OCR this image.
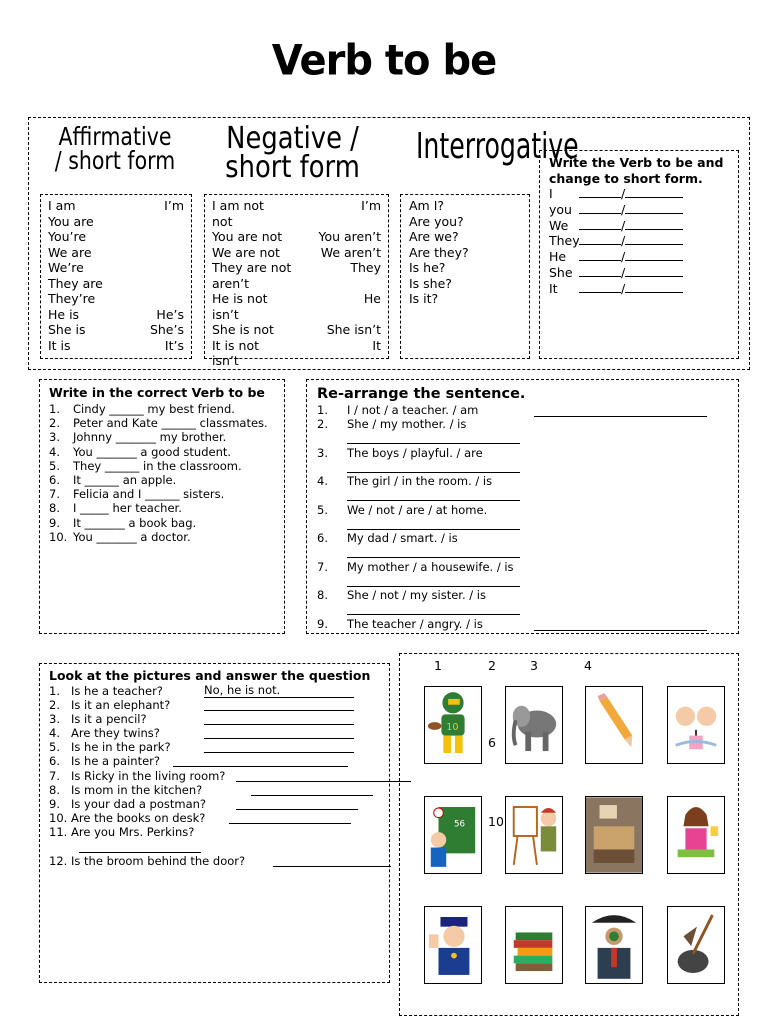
Verb to be
Affirmative / short form
Negative / short form Interrogative
I am	I’m
You are
You’re
We are
We’re
They are
They’re
He is	He’s
She is	She’s
It is	It’s
I am not	I’m
not
You are not	You aren’t
We are not	We aren’t
They are not	They
aren’t
He is not	He
isn’t
She is not	She isn’t
It is not	It
isn’t
Am I?
Are you?
Are we?
Are they?
Is he?
Is she?
Is it?
Write the Verb to be and change to short form.
I	/
you	/
We	/
They	/
He	/
She	/
It	/
Write in the correct Verb to be
1.	Cindy ______ my best friend.
2.	Peter and Kate ______ classmates.
3.	Johnny _______ my brother.
4.	You _______ a good student.
5.	They ______ in the classroom.
6.	It ______ an apple.
7.	Felicia and I ______ sisters.
8.	I _____ her teacher.
9.	It _______ a book bag.
10. You _______ a doctor.
Re-arrange the sentence.
1.	I / not / a teacher. / am
2.	She / my mother. / is
3.	The boys / playful. / are
4.	The girl / in the room. / is
5.	We / not / are / at home.
6.	My dad / smart. / is
7.	My mother / a housewife. / is
8.	She / not / my sister. / is
9.	The teacher / angry. / is
Look at the pictures and answer the question
1. Is he a teacher?	No, he is not.
2. Is it an elephant?
3. Is it a pencil?
4. Are they twins?
5. Is he in the park?
6. Is he a painter?
7. Is Ricky in the living room?
8. Is mom in the kitchen?
9. Is your dad a postman?
10. Are the books on desk?
11. Are you Mrs. Perkins?
12. Is the broom behind the door?
10
56
1	2	3	4
6
10
